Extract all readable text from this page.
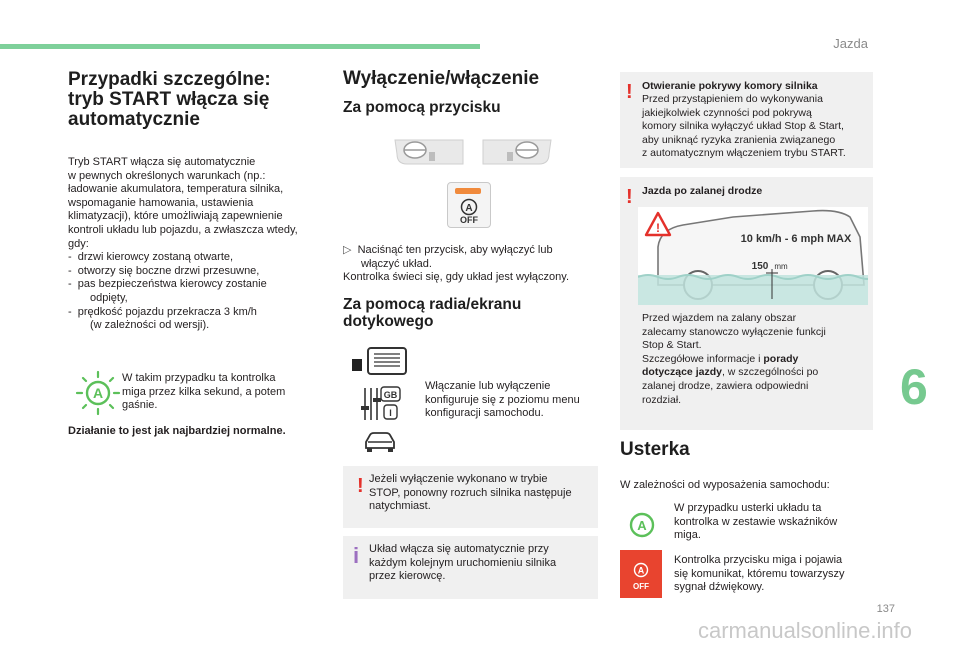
Jazda
Przypadki szczególne:
tryb START włącza się
automatycznie
Tryb START włącza się automatycznie
w pewnych określonych warunkach (np.:
ładowanie akumulatora, temperatura silnika,
wspomaganie hamowania, ustawienia
klimatyzacji), które umożliwiają zapewnienie
kontroli układu lub pojazdu, a zwłaszcza wtedy,
gdy:
-  drzwi kierowcy zostaną otwarte,
-  otworzy się boczne drzwi przesuwne,
-  pas bezpieczeństwa kierowcy zostanie
odpięty,
-  prędkość pojazdu przekracza 3 km/h
(w zależności od wersji).
A
W takim przypadku ta kontrolka
miga przez kilka sekund, a potem
gaśnie.
Działanie to jest jak najbardziej normalne.
Wyłączenie/włączenie
Za pomocą przycisku
A
OFF
▷  Naciśnąć ten przycisk, aby wyłączyć lub
włączyć układ.
Kontrolka świeci się, gdy układ jest wyłączony.
Za pomocą radia/ekranu
dotykowego
GB
I
Włączanie lub wyłączenie
konfiguruje się z poziomu menu
konfiguracji samochodu.
! Jeżeli wyłączenie wykonano w trybie
STOP, ponowny rozruch silnika następuje
natychmiast.
i Układ włącza się automatycznie przy
każdym kolejnym uruchomieniu silnika
przez kierowcę.
! Otwieranie pokrywy komory silnika
Przed przystąpieniem do wykonywania
jakiejkolwiek czynności pod pokrywą
komory silnika wyłączyć układ Stop & Start,
aby uniknąć ryzyka zranienia związanego
z automatycznym włączeniem trybu START.
! Jazda po zalanej drodze
!
10 km/h - 6 mph MAX
150 mm
Przed wjazdem na zalany obszar
zalecamy stanowczo wyłączenie funkcji
Stop & Start.
Szczegółowe informacje i porady
dotyczące jazdy, w szczególności po
zalanej drodze, zawiera odpowiedni
rozdział.
Usterka
W zależności od wyposażenia samochodu:
A
W przypadku usterki układu ta
kontrolka w zestawie wskaźników
miga.
A
OFF
Kontrolka przycisku miga i pojawia
się komunikat, któremu towarzyszy
sygnał dźwiękowy.
6
137
carmanualsonline.info
